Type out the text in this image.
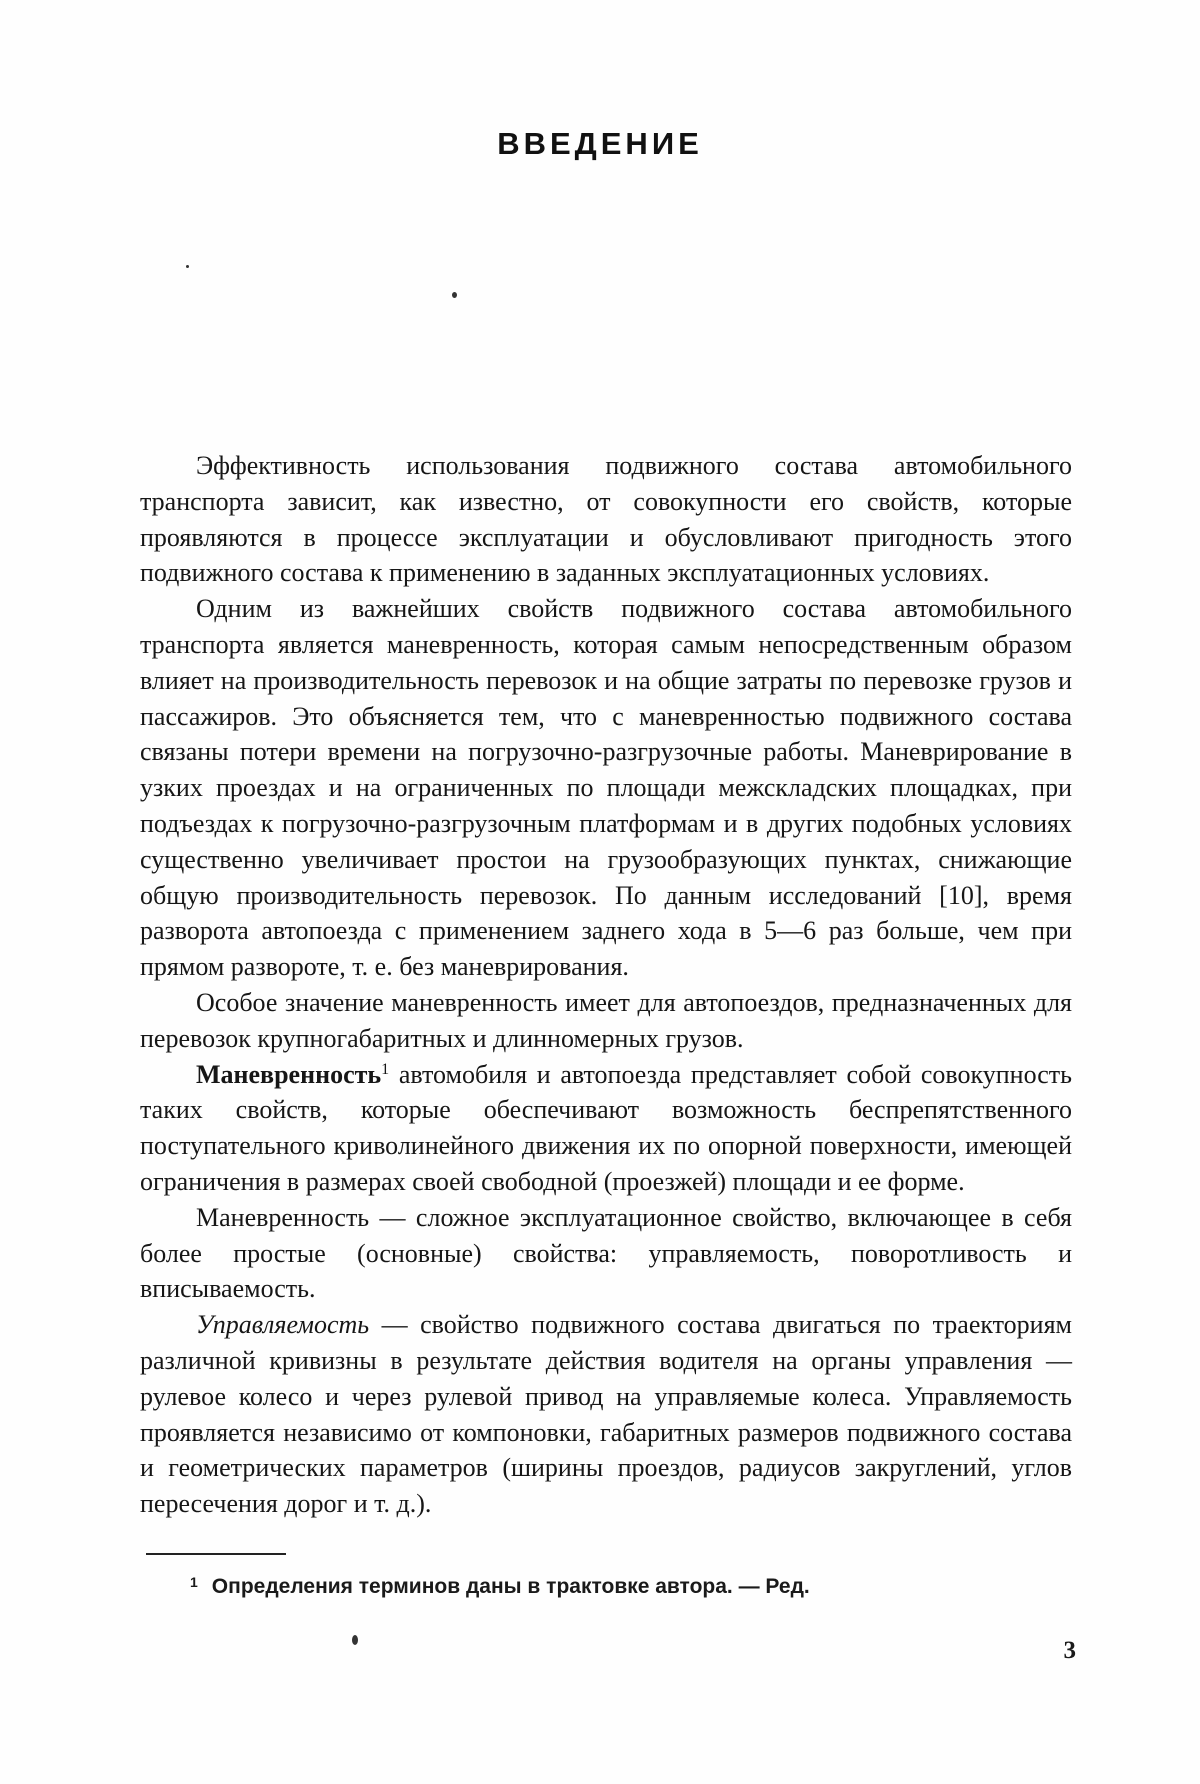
ВВЕДЕНИЕ

Эффективность использования подвижного состава автомобильного транспорта зависит, как известно, от совокупности его свойств, которые проявляются в процессе эксплуатации и обусловливают пригодность этого подвижного состава к применению в заданных эксплуатационных условиях.

Одним из важнейших свойств подвижного состава автомобильного транспорта является маневренность, которая самым непосредственным образом влияет на производительность перевозок и на общие затраты по перевозке грузов и пассажиров. Это объясняется тем, что с маневренностью подвижного состава связаны потери времени на погрузочно-разгрузочные работы. Маневрирование в узких проездах и на ограниченных по площади межскладских площадках, при подъездах к погрузочно-разгрузочным платформам и в других подобных условиях существенно увеличивает простои на грузообразующих пунктах, снижающие общую производительность перевозок. По данным исследований [10], время разворота автопоезда с применением заднего хода в 5—6 раз больше, чем при прямом развороте, т. е. без маневрирования.

Особое значение маневренность имеет для автопоездов, предназначенных для перевозок крупногабаритных и длинномерных грузов.

Маневренность$^1$ автомобиля и автопоезда представляет собой совокупность таких свойств, которые обеспечивают возможность беспрепятственного поступательного криволинейного движения их по опорной поверхности, имеющей ограничения в размерах своей свободной (проезжей) площади и ее форме.

Маневренность — сложное эксплуатационное свойство, включающее в себя более простые (основные) свойства: управляемость, поворотливость и вписываемость.

Управляемость — свойство подвижного состава двигаться по траекториям различной кривизны в результате действия водителя на органы управления — рулевое колесо и через рулевой привод на управляемые колеса. Управляемость проявляется независимо от компоновки, габаритных размеров подвижного состава и геометрических параметров (ширины проездов, радиусов закруглений, углов пересечения дорог и т. д.).

$^1$ Определения терминов даны в трактовке автора. — Ред.
3
